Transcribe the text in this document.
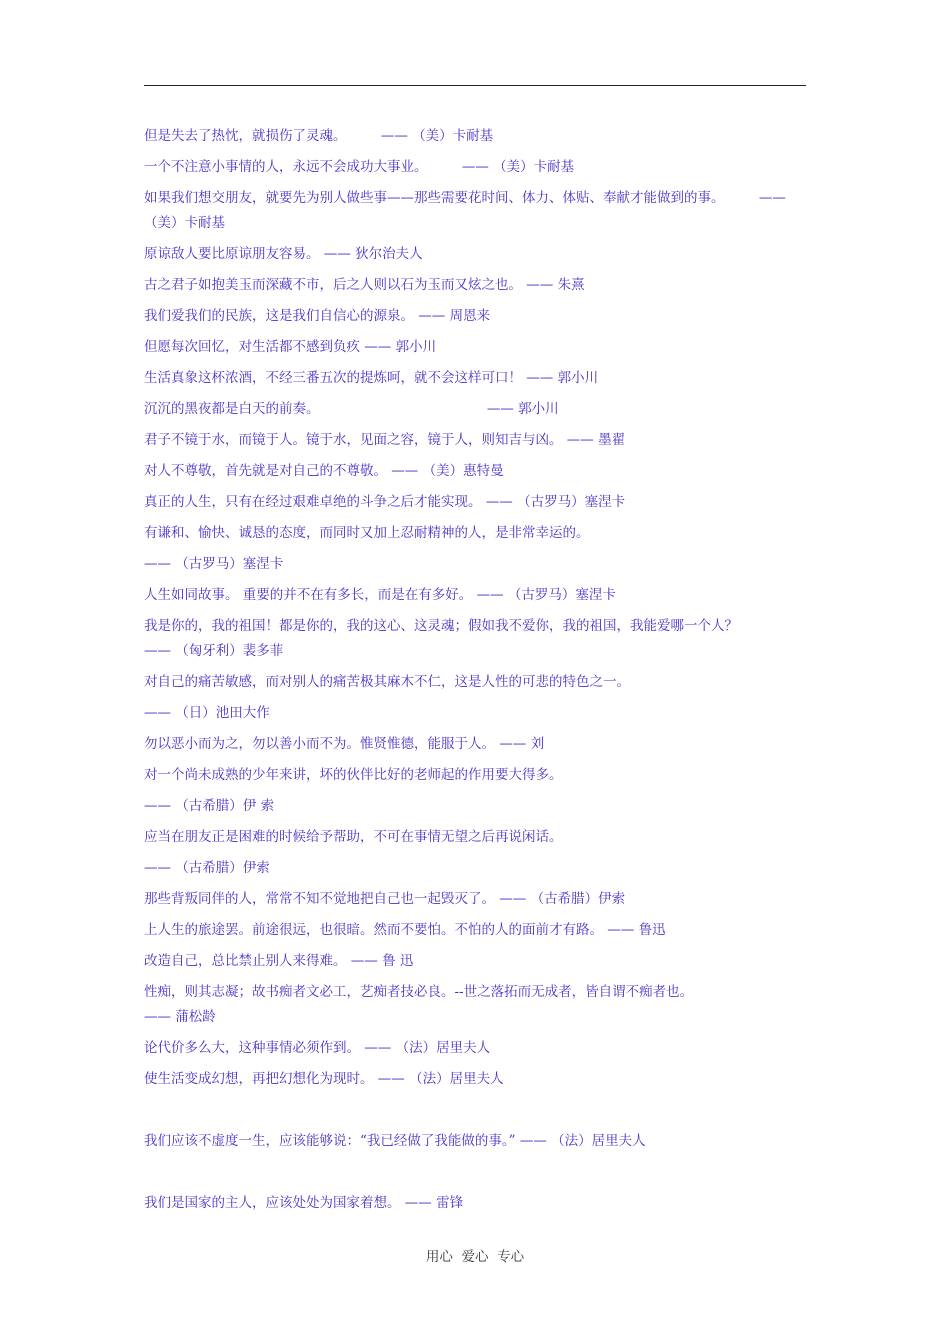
但是失去了热忱，就损伤了灵魂。        —— （美）卡耐基
一个不注意小事情的人，永远不会成功大事业。        —— （美）卡耐基
如果我们想交朋友，就要先为别人做些事——那些需要花时间、体力、体贴、奉献才能做到的事。        ——
（美）卡耐基
原谅敌人要比原谅朋友容易。 —— 狄尔治夫人
古之君子如抱美玉而深藏不市，后之人则以石为玉而又炫之也。 —— 朱熹
我们爱我们的民族，这是我们自信心的源泉。 —— 周恩来
但愿每次回忆，对生活都不感到负疚 —— 郭小川
生活真象这杯浓酒，不经三番五次的提炼呵，就不会这样可口！ —— 郭小川
沉沉的黑夜都是白天的前奏。                                       —— 郭小川
君子不镜于水，而镜于人。镜于水，见面之容，镜于人，则知吉与凶。 —— 墨翟
对人不尊敬，首先就是对自己的不尊敬。 —— （美）惠特曼
真正的人生，只有在经过艰难卓绝的斗争之后才能实现。 —— （古罗马）塞涅卡
有谦和、愉快、诚恳的态度，而同时又加上忍耐精神的人，是非常幸运的。
—— （古罗马）塞涅卡
人生如同故事。 重要的并不在有多长，而是在有多好。 —— （古罗马）塞涅卡
我是你的，我的祖国！都是你的，我的这心、这灵魂；假如我不爱你，我的祖国，我能爱哪一个人？
—— （匈牙利）裴多菲
对自己的痛苦敏感，而对别人的痛苦极其麻木不仁，这是人性的可悲的特色之一。
—— （日）池田大作
勿以恶小而为之，勿以善小而不为。惟贤惟德，能服于人。 —— 刘
对一个尚未成熟的少年来讲，坏的伙伴比好的老师起的作用要大得多。
—— （古希腊）伊 索
应当在朋友正是困难的时候给予帮助，不可在事情无望之后再说闲话。
—— （古希腊）伊索
那些背叛同伴的人，常常不知不觉地把自己也一起毁灭了。 —— （古希腊）伊索
上人生的旅途罢。前途很远，也很暗。然而不要怕。不怕的人的面前才有路。 —— 鲁迅
改造自己，总比禁止别人来得难。 —— 鲁 迅
性痴，则其志凝；故书痴者文必工，艺痴者技必良。--世之落拓而无成者，皆自谓不痴者也。
—— 蒲松龄
论代价多么大，这种事情必须作到。 —— （法）居里夫人
使生活变成幻想，再把幻想化为现时。 —— （法）居里夫人
我们应该不虚度一生，应该能够说：“我已经做了我能做的事。” —— （法）居里夫人
我们是国家的主人，应该处处为国家着想。 —— 雷锋
用心  爱心  专心
